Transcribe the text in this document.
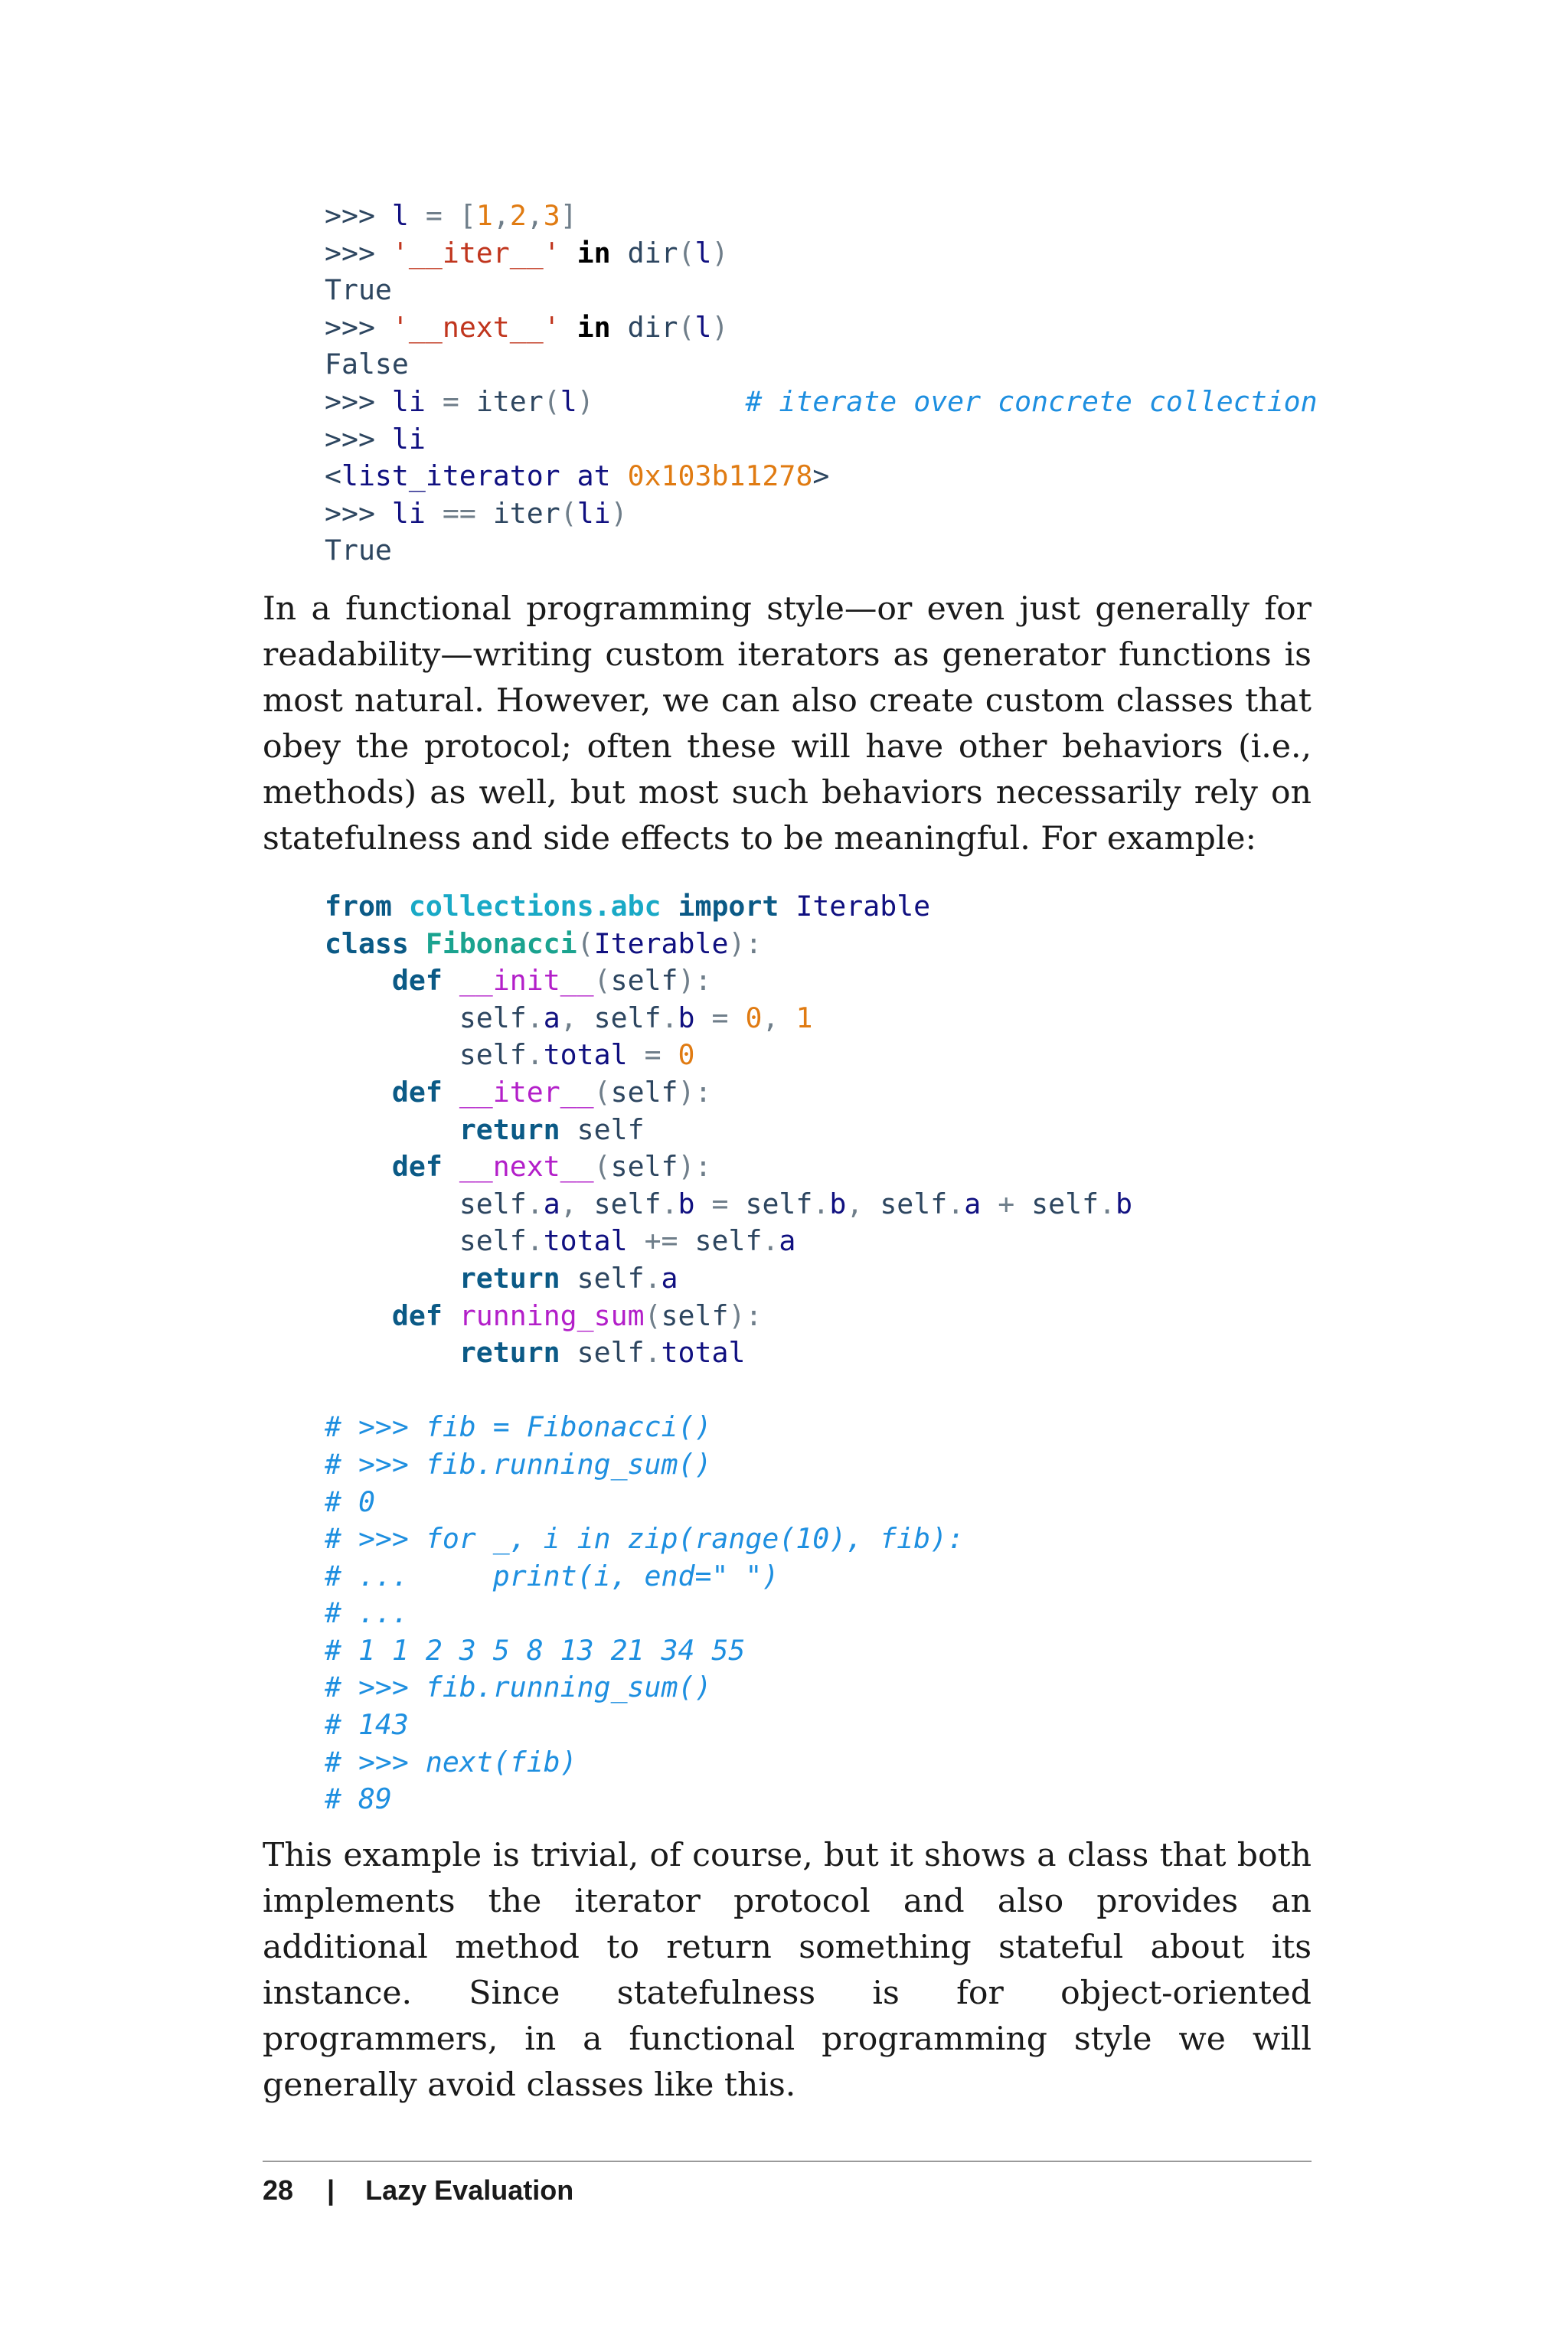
>>> l = [1,2,3]
>>> '__iter__' in dir(l)
True
>>> '__next__' in dir(l)
False
>>> li = iter(l)	# iterate over concrete collection
>>> li
<list_iterator at 0x103b11278>
>>> li == iter(li)
True

In a functional programming style—or even just generally for readability—writing custom iterators as generator functions is most natural. However, we can also create custom classes that obey the protocol; often these will have other behaviors (i.e., methods) as well, but most such behaviors necessarily rely on statefulness and side effects to be meaningful. For example:

from collections.abc import Iterable
class Fibonacci(Iterable):
def __init__(self):
self.a, self.b = 0, 1
self.total = 0
def __iter__(self):
return self
def __next__(self):
self.a, self.b = self.b, self.a + self.b
self.total += self.a
return self.a
def running_sum(self):
return self.total

# >>> fib = Fibonacci()
# >>> fib.running_sum()
# 0
# >>> for _, i in zip(range(10), fib):
# ...     print(i, end=" ")
# ...
# 1 1 2 3 5 8 13 21 34 55
# >>> fib.running_sum()
# 143
# >>> next(fib)
# 89

This example is trivial, of course, but it shows a class that both implements the iterator protocol and also provides an additional method to return something stateful about its instance. Since statefulness is for object-oriented programmers, in a functional programming style we will generally avoid classes like this.

28 | Lazy Evaluation
